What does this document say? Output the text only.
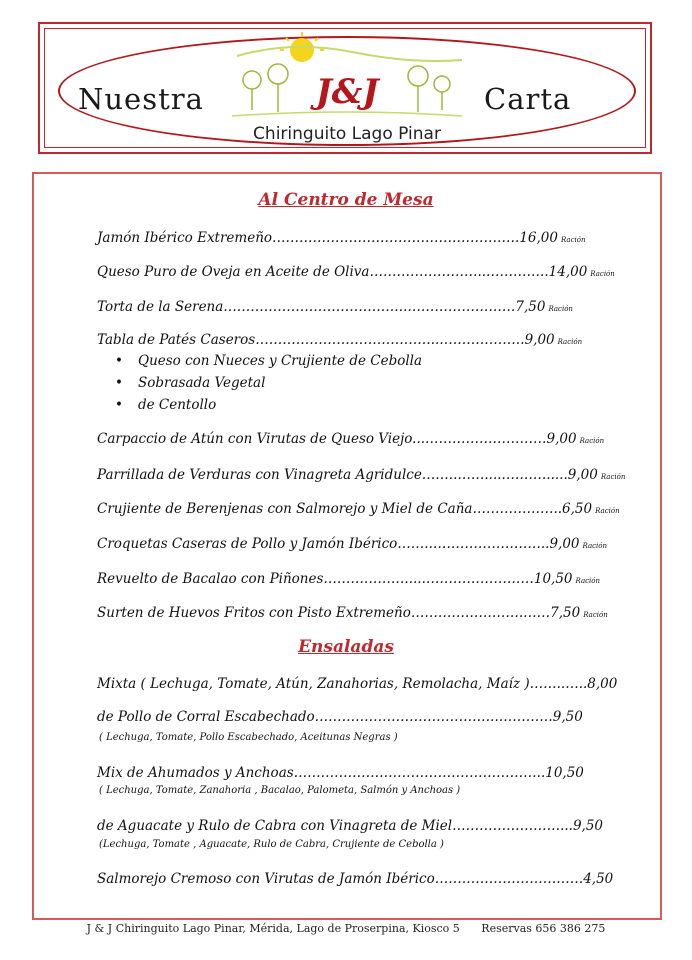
Nuestra	Carta
J&J
Chiringuito Lago Pinar
Al Centro de Mesa
Jamón Ibérico Extremeño……………………………………………….16,00 Ración
Queso Puro de Oveja en Aceite de Oliva……………………..…………..14,00 Ración
Torta de la Serena…………………………………..……………………7,50 Ración
Tabla de Patés Caseros…………………………………..……………….9,00 Ración
• Queso con Nueces y Crujiente de Cebolla
• Sobrasada Vegetal
• de Centollo
Carpaccio de Atún con Virutas de Queso Viejo...………………………9,00 Ración
Parrillada de Verduras con Vinagreta Agridulce……..…….....……….....9,00 Ración
Crujiente de Berenjenas con Salmorejo y Miel de Caña………………..6,50 Ración
Croquetas Caseras de Pollo y Jamón Ibérico……..……………………..9,00 Ración
Revuelto de Bacalao con Piñones……………….....……………………10,50 Ración
Surten de Huevos Fritos con Pisto Extremeño…………………….……7,50 Ración
Ensaladas
Mixta ( Lechuga, Tomate, Atún, Zanahorias, Remolacha, Maíz )……..…..8,00
de Pollo de Corral Escabechado…………………………………..…………9,50
( Lechuga, Tomate, Pollo Escabechado, Aceitunas Negras )
Mix de Ahumados y Anchoas………………………………………………..10,50
( Lechuga, Tomate, Zanahoria , Bacalao, Palometa, Salmón y Anchoas )
de Aguacate y Rulo de Cabra con Vinagreta de Miel……………………...9,50
(Lechuga, Tomate , Aguacate, Rulo de Cabra, Crujiente de Cebolla )
Salmorejo Cremoso con Virutas de Jamón Ibérico……………………………4,50
J & J Chiringuito Lago Pinar, Mérida, Lago de Proserpina, Kiosco 5 Reservas 656 386 275
